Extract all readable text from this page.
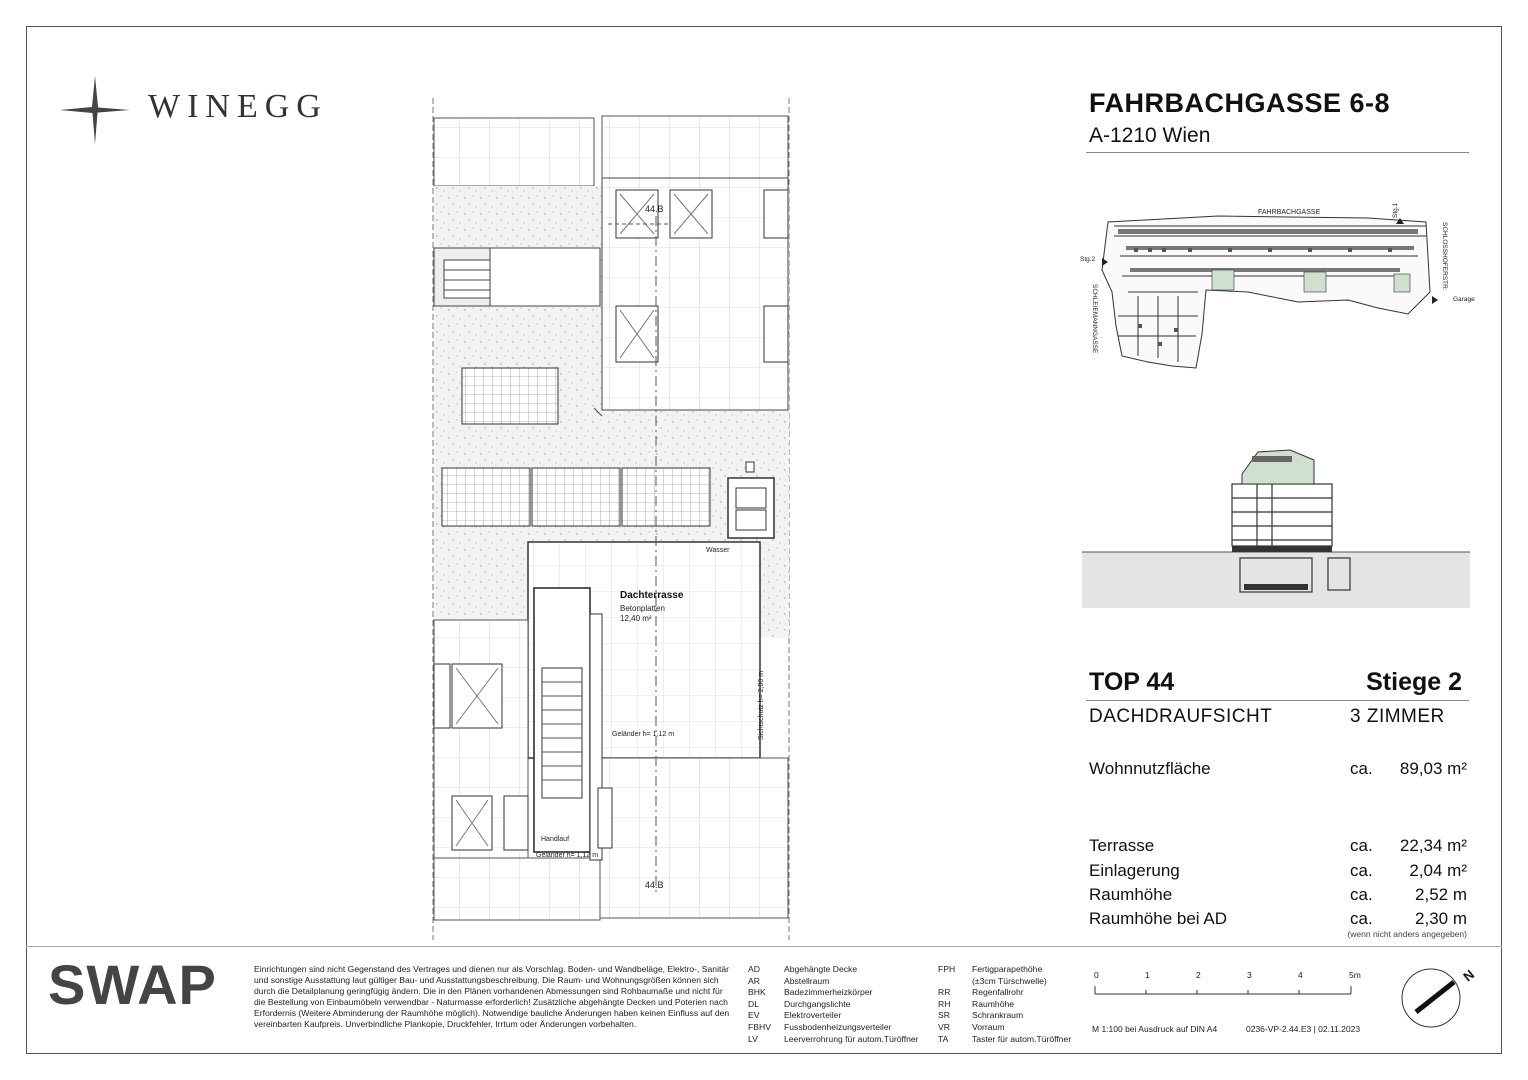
WINEGG	FAHRBACHGASSE 6-8
A-1210 Wien
FAHRBACHGASSE	Stg.1
Stg.2	SCHLOSSHOFERSTR.
SCHLEIEMANNGASSE	Garage
TOP 44	Stiege 2
DACHDRAUFSICHT	3 ZIMMER
Wohnnutzfläche	ca.	89,03 m²
Terrasse	ca.	22,34 m²
Einlagerung	ca.	2,04 m²
Raumhöhe	ca.	2,52 m
Raumhöhe bei AD	ca.	2,30 m
(wenn nicht anders angegeben)
44.B
44.B
Dachterrasse
Betonplatten
12,40 m²
Wasser
Geländer h= 1,12 m
Geländer h= 1,12 m
Sichtschutz h= 2,00 m
Handlauf
SWAP	Einrichtungen sind nicht Gegenstand des Vertrages und dienen nur als Vorschlag. Boden- und Wandbeläge, Elektro-, Sanitär
und sonstige Ausstattung laut gültiger Bau- und Ausstattungsbeschreibung. Die Raum- und Wohnungsgrößen können sich
durch die Detailplanung geringfügig ändern. Die in den Plänen vorhandenen Abmessungen sind Rohbaumaße und nicht für
die Bestellung von Einbaumöbeln verwendbar - Naturmasse erforderlich! Zusätzliche abgehängte Decken und Poterien nach
Erfordernis (Weitere Abminderung der Raumhöhe möglich). Notwendige bauliche Änderungen haben keinen Einfluss auf den
vereinbarten Kaufpreis. Unverbindliche Plankopie, Druckfehler, Irrtum oder Änderungen vorbehalten.
AD	Abgehängte Decke
AR	Abstellraum
BHK Badezimmerheizkörper
DL	Durchgangslichte
EV	Elektroverteiler
FBHV Fussbodenheizungsverteiler
LV	Leerverrohrung für autom.Türöffner
FPH Fertigparapethöhe
(±3cm Türschwelle)
RR	Regenfallrohr
RH	Raumhöhe
SR	Schrankraum
VR	Vorraum
TA	Taster für autom.Türöffner
0	1	2	3	4	5m
M 1:100 bei Ausdruck auf DIN A4	0236-VP-2.44.E3 | 02.11.2023
N
